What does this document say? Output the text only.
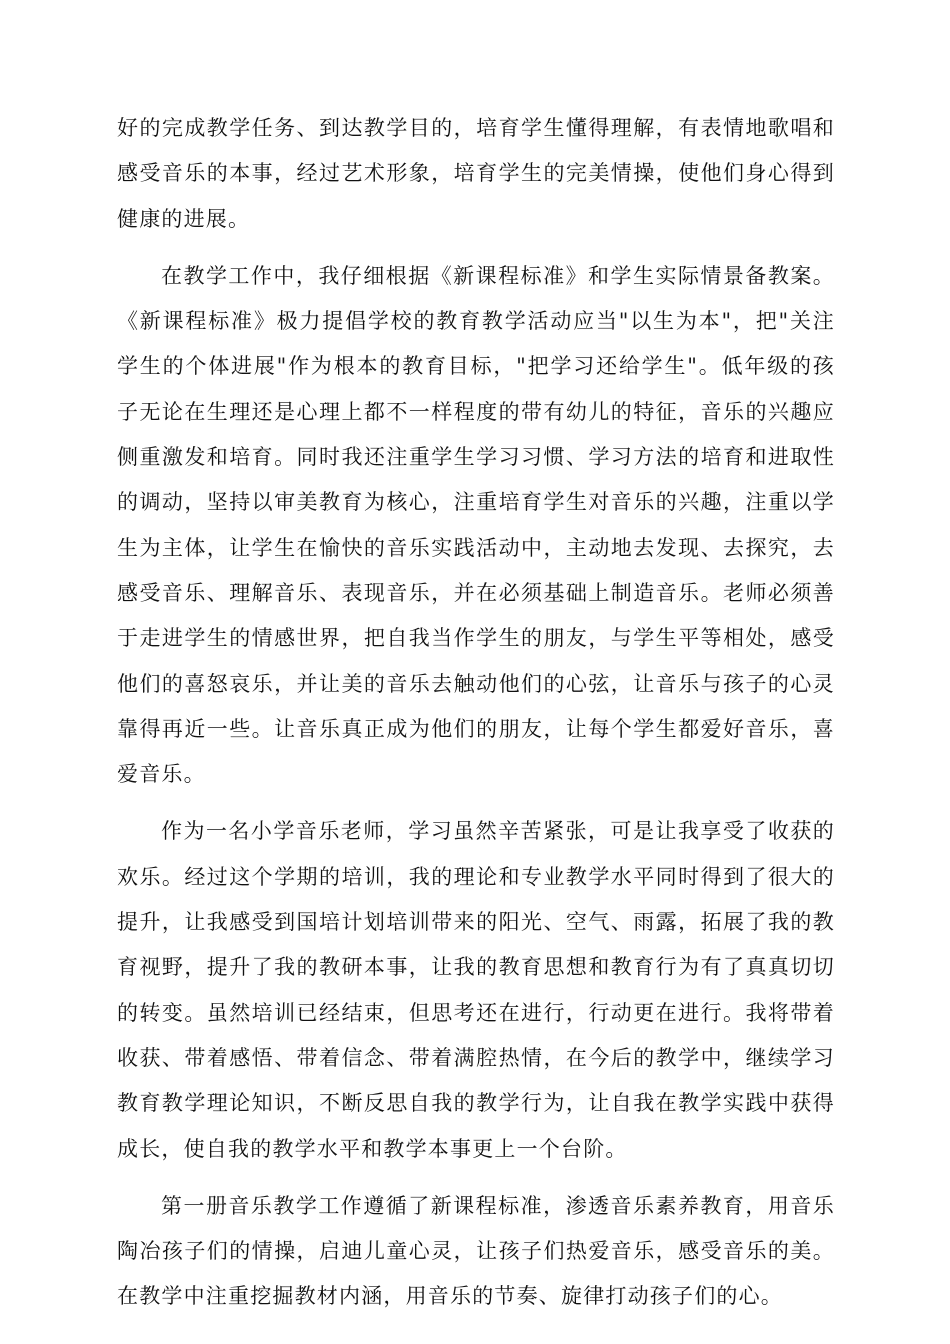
好的完成教学任务、到达教学目的，培育学生懂得理解，有表情地歌唱和感受音乐的本事，经过艺术形象，培育学生的完美情操，使他们身心得到健康的进展。

在教学工作中，我仔细根据《新课程标准》和学生实际情景备教案。《新课程标准》极力提倡学校的教育教学活动应当"以生为本"，把"关注学生的个体进展"作为根本的教育目标，"把学习还给学生"。低年级的孩子无论在生理还是心理上都不一样程度的带有幼儿的特征，音乐的兴趣应侧重激发和培育。同时我还注重学生学习习惯、学习方法的培育和进取性的调动，坚持以审美教育为核心，注重培育学生对音乐的兴趣，注重以学生为主体，让学生在愉快的音乐实践活动中，主动地去发现、去探究，去感受音乐、理解音乐、表现音乐，并在必须基础上制造音乐。老师必须善于走进学生的情感世界，把自我当作学生的朋友，与学生平等相处，感受他们的喜怒哀乐，并让美的音乐去触动他们的心弦，让音乐与孩子的心灵靠得再近一些。让音乐真正成为他们的朋友，让每个学生都爱好音乐，喜爱音乐。

作为一名小学音乐老师，学习虽然辛苦紧张，可是让我享受了收获的欢乐。经过这个学期的培训，我的理论和专业教学水平同时得到了很大的提升，让我感受到国培计划培训带来的阳光、空气、雨露，拓展了我的教育视野，提升了我的教研本事，让我的教育思想和教育行为有了真真切切的转变。虽然培训已经结束，但思考还在进行，行动更在进行。我将带着收获、带着感悟、带着信念、带着满腔热情，在今后的教学中，继续学习教育教学理论知识，不断反思自我的教学行为，让自我在教学实践中获得成长，使自我的教学水平和教学本事更上一个台阶。

第一册音乐教学工作遵循了新课程标准，渗透音乐素养教育，用音乐陶冶孩子们的情操，启迪儿童心灵，让孩子们热爱音乐，感受音乐的美。在教学中注重挖掘教材内涵，用音乐的节奏、旋律打动孩子们的心。
